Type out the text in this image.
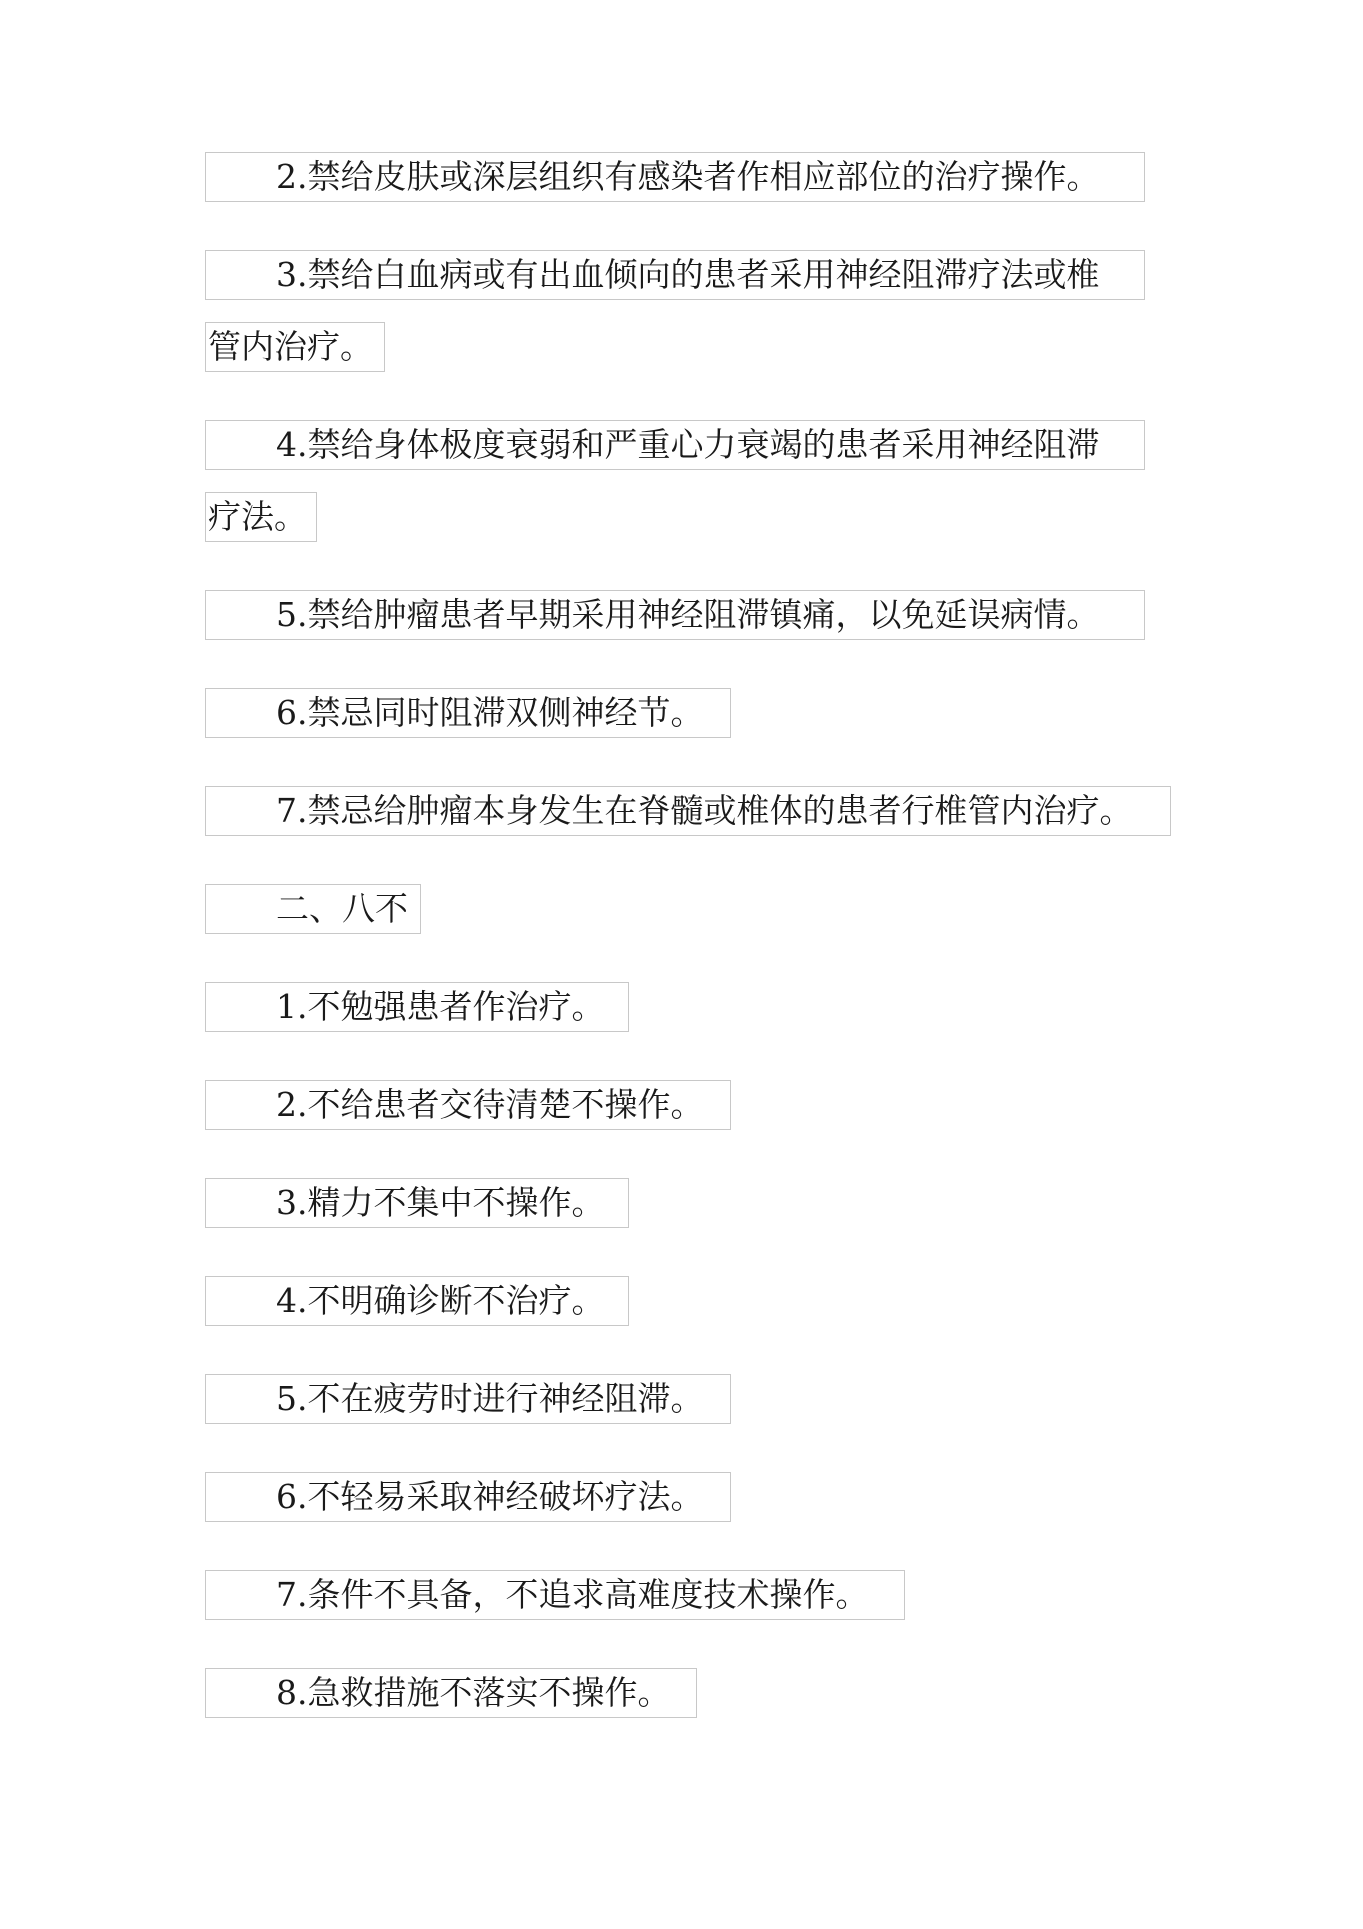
2.禁给皮肤或深层组织有感染者作相应部位的治疗操作。
3.禁给白血病或有出血倾向的患者采用神经阻滞疗法或椎
管内治疗。
4.禁给身体极度衰弱和严重心力衰竭的患者采用神经阻滞
疗法。
5.禁给肿瘤患者早期采用神经阻滞镇痛，以免延误病情。
6.禁忌同时阻滞双侧神经节。
7.禁忌给肿瘤本身发生在脊髓或椎体的患者行椎管内治疗。
二、八不
1.不勉强患者作治疗。
2.不给患者交待清楚不操作。
3.精力不集中不操作。
4.不明确诊断不治疗。
5.不在疲劳时进行神经阻滞。
6.不轻易采取神经破坏疗法。
7.条件不具备，不追求高难度技术操作。
8.急救措施不落实不操作。
